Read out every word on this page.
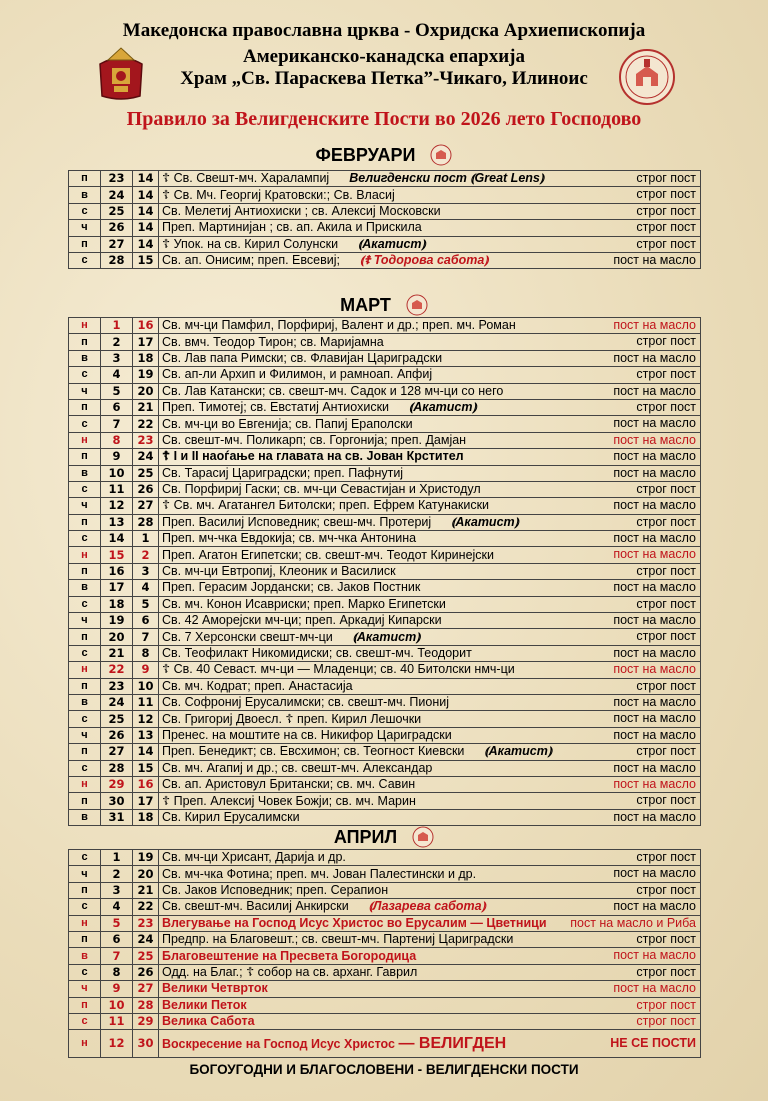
Македонска православна црква - Охридска Архиепископија
Американско-канадска епархија
Храм „Св. Параскева Петка”-Чикаго, Илиноис
Правило за Велигденските Пости во 2026 лето Господово
ФЕВРУАРИ
п	23	14	☦ Св. Свешт-мч. Харалампиј Велигденски пост ⦅Great Lens⦆ строг пост

в	24	14	☦ Св. Мч. Георгиј Кратовски:; Св. Власиј строг пост

с	25	14	Св. Мелетиј Антиохиски ; св. Алексиј Московски строг пост

ч	26	14	Преп. Мартинијан ; св. ап. Акила и Прискила строг пост

п	27	14	☦ Упок. на св. Кирил Солунски ⦅Акатист⦆ строг пост

с	28	15	Св. ап. Онисим; преп. Евсевиј; ⦅☦ Тодорова сабота⦆ пост на масло
МАРТ
н	1	16	Св. мч-ци Памфил, Порфириј, Валент и др.; преп. мч. Роман пост на масло

п	2	17	Св. вмч. Теодор Тирон; св. Маријамна строг пост

в	3	18	Св. Лав папа Римски; св. Флавијан Цариградски пост на масло

с	4	19	Св. ап-ли Архип и Филимон, и рамноап. Апфиј строг пост

ч	5	20	Св. Лав Катански; св. свешт-мч. Садок и 128 мч-ци со него пост на масло

п	6	21	Преп. Тимотеј; св. Евстатиј Антиохиски ⦅Акатист⦆ строг пост

с	7	22	Св. мч-ци во Евгенија; св. Папиј Ераполски пост на масло

н	8	23	Св. свешт-мч. Поликарп; св. Горгонија; преп. Дамјан пост на масло

п	9	24	☦ I и II наоѓање на главата на св. Јован Крстител пост на масло

в	10	25	Св. Тарасиј Цариградски; преп. Пафнутиј пост на масло

с	11	26	Св. Порфириј Гаски; св. мч-ци Севастијан и Христодул строг пост

ч	12	27	☦ Св. мч. Агатангел Битолски; преп. Ефрем Катунакиски пост на масло

п	13	28	Преп. Василиј Исповедник; свеш-мч. Протериј ⦅Акатист⦆ строг пост

с	14	1	Преп. мч-чка Евдокија; св. мч-чка Антонина пост на масло

н	15	2	Преп. Агатон Египетски; св. свешт-мч. Теодот Киринејски пост на масло

п	16	3	Св. мч-ци Евтропиј, Клеоник и Василиск строг пост

в	17	4	Преп. Герасим Јордански; св. Јаков Постник пост на масло

с	18	5	Св. мч. Конон Исавриски; преп. Марко Египетски строг пост

ч	19	6	Св. 42 Аморејски мч-ци; преп. Аркадиј Кипарски пост на масло

п	20	7	Св. 7 Херсонски свешт-мч-ци ⦅Акатист⦆ строг пост

с	21	8	Св. Теофилакт Никомидиски; св. свешт-мч. Теодорит пост на масло

н	22	9	☦ Св. 40 Севаст. мч-ци — Младенци; св. 40 Битолски нмч-ци пост на масло

п	23	10	Св. мч. Кодрат; преп. Анастасија строг пост

в	24	11	Св. Софрониј Ерусалимски; св. свешт-мч. Пиониј пост на масло

с	25	12	Св. Григориј Двоесл. ☦ преп. Кирил Лешочки пост на масло

ч	26	13	Пренес. на моштите на св. Никифор Цариградски пост на масло

п	27	14	Преп. Бенедикт; св. Евсхимон; св. Теогност Киевски ⦅Акатист⦆ строг пост

с	28	15	Св. мч. Агапиј и др.; св. свешт-мч. Александар пост на масло

н	29	16	Св. ап. Аристовул Британски; св. мч. Савин пост на масло

п	30	17	☦ Преп. Алексиј Човек Божји; св. мч. Марин строг пост

в	31	18	Св. Кирил Ерусалимски пост на масло
АПРИЛ
с	1	19	Св. мч-ци Хрисант, Дарија и др. строг пост

ч	2	20	Св. мч-чка Фотина; преп. мч. Јован Палестински и др. пост на масло

п	3	21	Св. Јаков Исповедник; преп. Серапион строг пост

с	4	22	Св. свешт-мч. Василиј Анкирски ⦅Лазарева сабота⦆ пост на масло

н	5	23	Влегување на Господ Исус Христос во Ерусалим — Цветници пост на масло и Риба

п	6	24	Предпр. на Благовешт.; св. свешт-мч. Партениј Цариградски строг пост

в	7	25	Благовештение на Пресвета Богородица пост на масло

с	8	26	Одд. на Благ.; ☦ собор на св. арханг. Гаврил строг пост

ч	9	27	Велики Четврток пост на масло

п	10	28	Велики Петок строг пост

с	11	29	Велика Сабота строг пост

н	12	30	Воскресение на Господ Исус Христос — ВЕЛИГДЕН НЕ СЕ ПОСТИ
БОГОУГОДНИ И БЛАГОСЛОВЕНИ - ВЕЛИГДЕНСКИ ПОСТИ
